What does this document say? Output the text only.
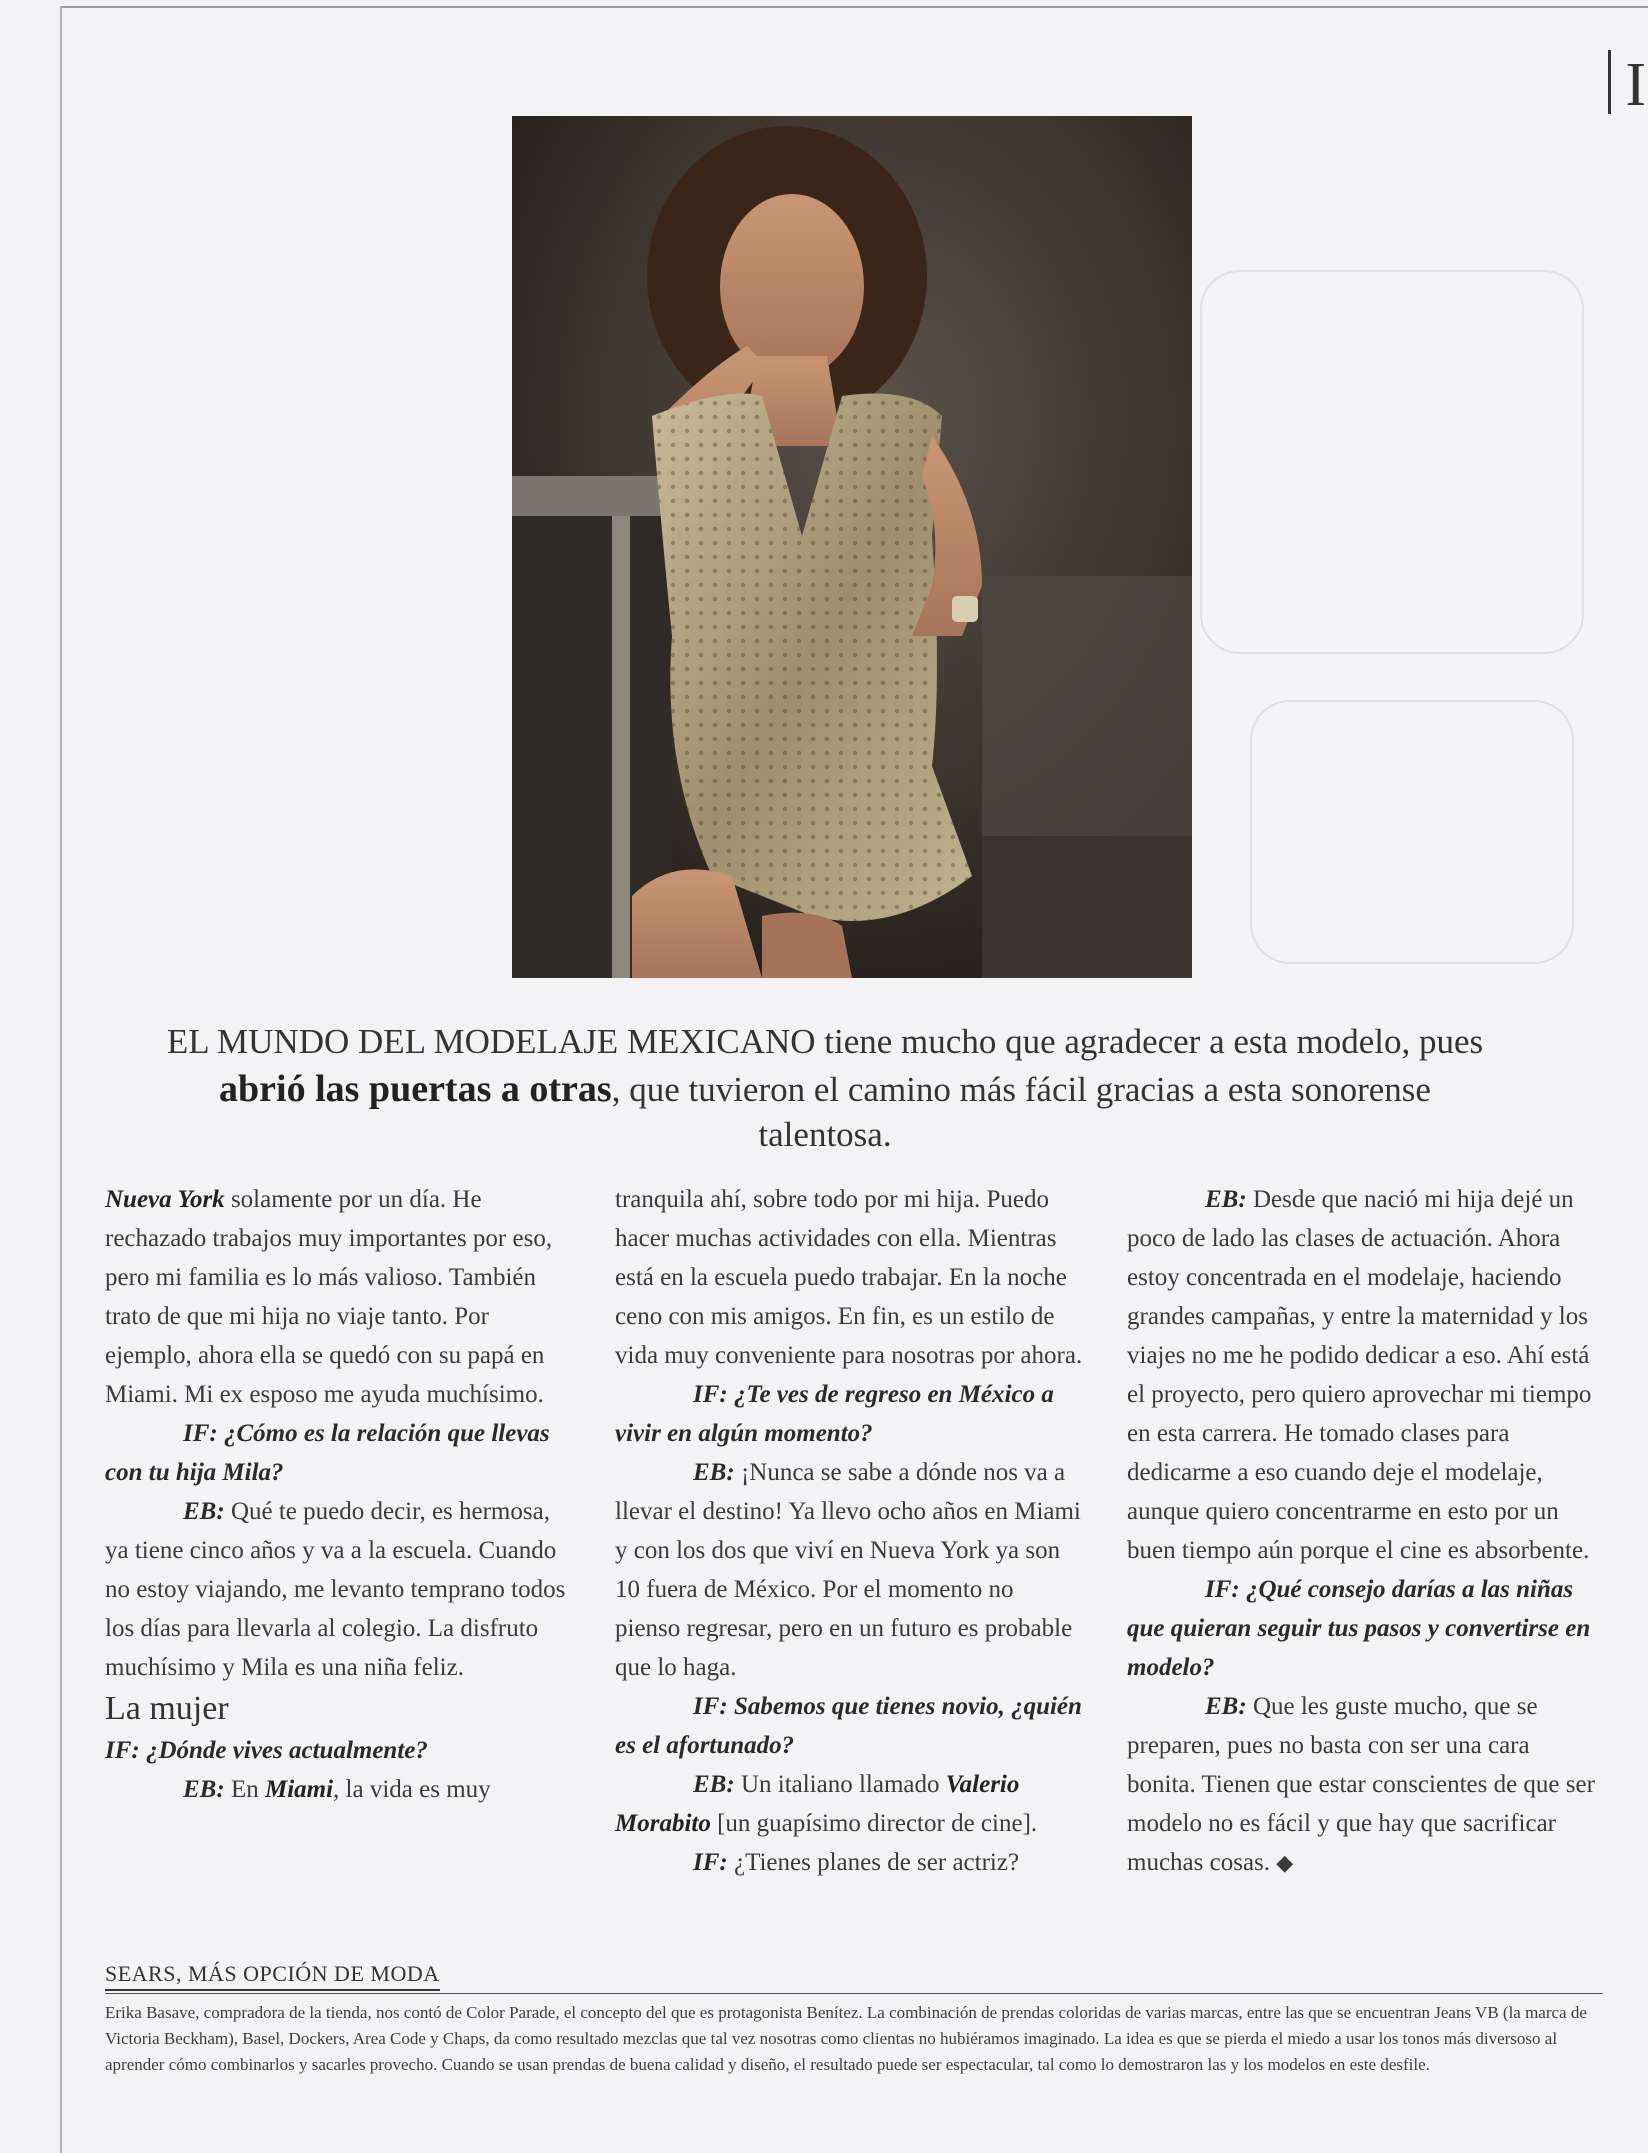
I
EL MUNDO DEL MODELAJE MEXICANO tiene mucho que agradecer a esta modelo, pues abrió las puertas a otras, que tuvieron el camino más fácil gracias a esta sonorense talentosa.

Nueva York solamente por un día. He rechazado trabajos muy importantes por eso, pero mi familia es lo más valioso. También trato de que mi hija no viaje tanto. Por ejemplo, ahora ella se quedó con su papá en Miami. Mi ex esposo me ayuda muchísimo.

IF: ¿Cómo es la relación que llevas con tu hija Mila?

EB: Qué te puedo decir, es hermosa, ya tiene cinco años y va a la escuela. Cuando no estoy viajando, me levanto temprano todos los días para llevarla al colegio. La disfruto muchísimo y Mila es una niña feliz.

La mujer

IF: ¿Dónde vives actualmente?

EB: En Miami, la vida es muy

tranquila ahí, sobre todo por mi hija. Puedo hacer muchas actividades con ella. Mientras está en la escuela puedo trabajar. En la noche ceno con mis amigos. En fin, es un estilo de vida muy conveniente para nosotras por ahora.

IF: ¿Te ves de regreso en México a vivir en algún momento?

EB: ¡Nunca se sabe a dónde nos va a llevar el destino! Ya llevo ocho años en Miami y con los dos que viví en Nueva York ya son 10 fuera de México. Por el momento no pienso regresar, pero en un futuro es probable que lo haga.

IF: Sabemos que tienes novio, ¿quién es el afortunado?

EB: Un italiano llamado Valerio Morabito [un guapísimo director de cine].

IF: ¿Tienes planes de ser actriz?

EB: Desde que nació mi hija dejé un poco de lado las clases de actuación. Ahora estoy concentrada en el modelaje, haciendo grandes campañas, y entre la maternidad y los viajes no me he podido dedicar a eso. Ahí está el proyecto, pero quiero aprovechar mi tiempo en esta carrera. He tomado clases para dedicarme a eso cuando deje el modelaje, aunque quiero concentrarme en esto por un buen tiempo aún porque el cine es absorbente.

IF: ¿Qué consejo darías a las niñas que quieran seguir tus pasos y convertirse en modelo?

EB: Que les guste mucho, que se preparen, pues no basta con ser una cara bonita. Tienen que estar conscientes de que ser modelo no es fácil y que hay que sacrificar muchas cosas. ◆

SEARS, MÁS OPCIÓN DE MODA
Erika Basave, compradora de la tienda, nos contó de Color Parade, el concepto del que es protagonista Benítez. La combinación de prendas coloridas de varias marcas, entre las que se encuentran Jeans VB (la marca de Victoria Beckham), Basel, Dockers, Area Code y Chaps, da como resultado mezclas que tal vez nosotras como clientas no hubiéramos imaginado. La idea es que se pierda el miedo a usar los tonos más diversoso al aprender cómo combinarlos y sacarles provecho. Cuando se usan prendas de buena calidad y diseño, el resultado puede ser espectacular, tal como lo demostraron las y los modelos en este desfile.
